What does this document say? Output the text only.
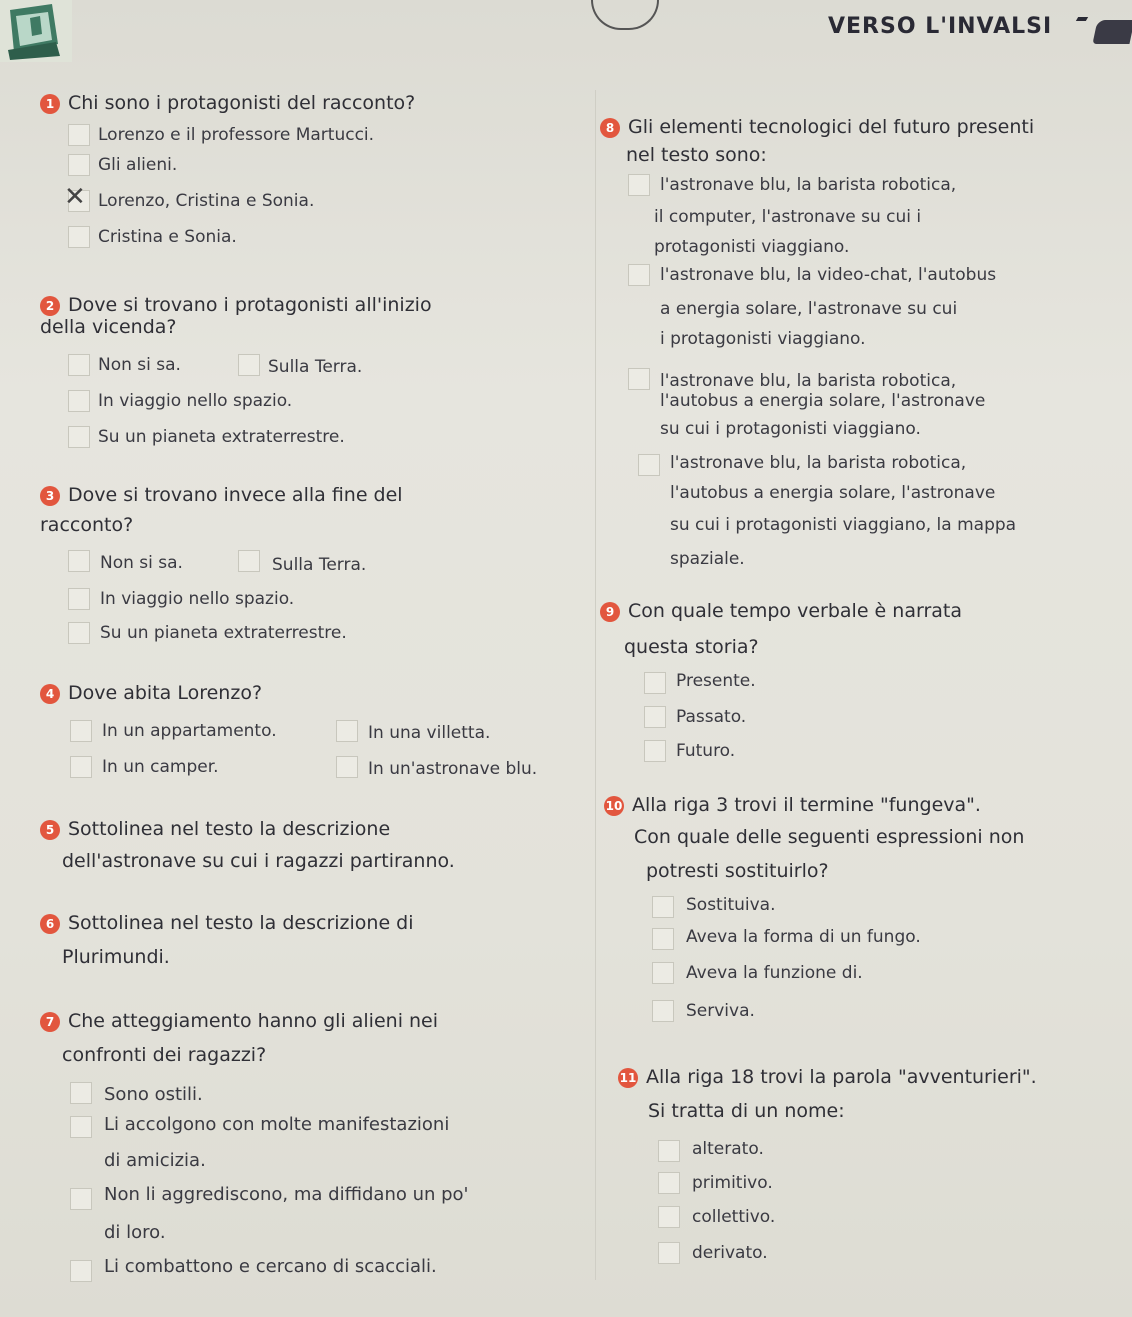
VERSO L'INVALSI
1 Chi sono i protagonisti del racconto?
Lorenzo e il professore Martucci.
Gli alieni.
✕ Lorenzo, Cristina e Sonia.
Cristina e Sonia.
2 Dove si trovano i protagonisti all'inizio
della vicenda?
Non si sa.	Sulla Terra.
In viaggio nello spazio.
Su un pianeta extraterrestre.
3 Dove si trovano invece alla fine del
racconto?
Non si sa.	Sulla Terra.
In viaggio nello spazio.
Su un pianeta extraterrestre.
4 Dove abita Lorenzo?
In un appartamento.	In una villetta.
In un camper.	In un'astronave blu.
5 Sottolinea nel testo la descrizione
dell'astronave su cui i ragazzi partiranno.
6 Sottolinea nel testo la descrizione di
Plurimundi.
7 Che atteggiamento hanno gli alieni nei
confronti dei ragazzi?
Sono ostili.
Li accolgono con molte manifestazioni
di amicizia.
Non li aggrediscono, ma diffidano un po'
di loro.
Li combattono e cercano di scacciali.
8 Gli elementi tecnologici del futuro presenti
nel testo sono:
l'astronave blu, la barista robotica,
il computer, l'astronave su cui i
protagonisti viaggiano.
l'astronave blu, la video-chat, l'autobus
a energia solare, l'astronave su cui
i protagonisti viaggiano.
l'astronave blu, la barista robotica,
l'autobus a energia solare, l'astronave
su cui i protagonisti viaggiano.
l'astronave blu, la barista robotica,
l'autobus a energia solare, l'astronave
su cui i protagonisti viaggiano, la mappa
spaziale.
9 Con quale tempo verbale è narrata
questa storia?
Presente.
Passato.
Futuro.
10 Alla riga 3 trovi il termine "fungeva".
Con quale delle seguenti espressioni non
potresti sostituirlo?
Sostituiva.
Aveva la forma di un fungo.
Aveva la funzione di.
Serviva.
11 Alla riga 18 trovi la parola "avventurieri".
Si tratta di un nome:
alterato.
primitivo.
collettivo.
derivato.
